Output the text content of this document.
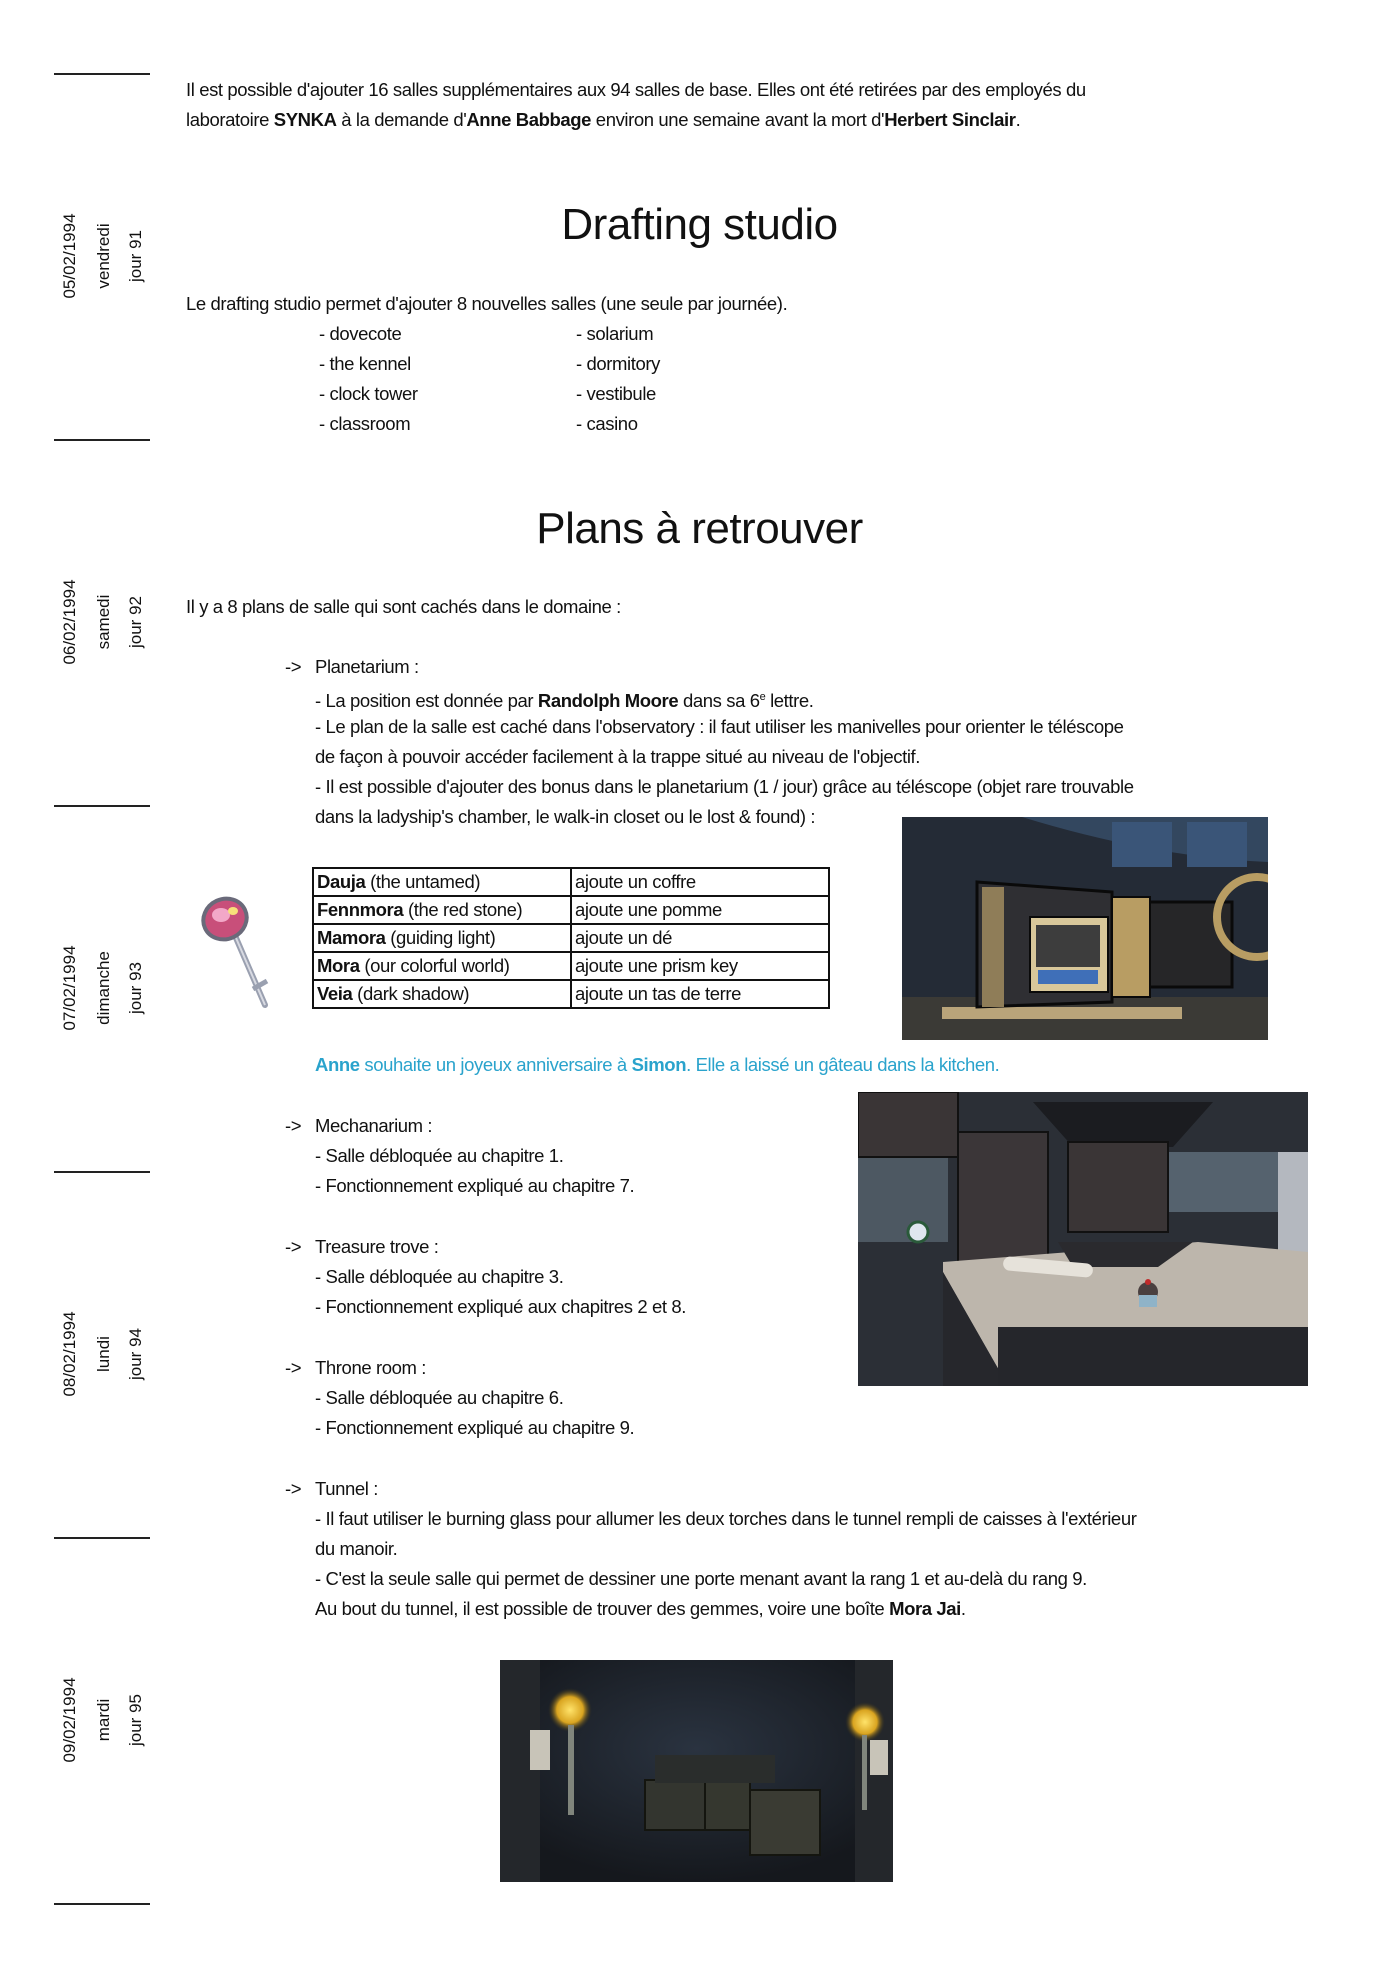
05/02/1994 vendredi jour 91
06/02/1994 samedi jour 92
07/02/1994 dimanche jour 93
08/02/1994 lundi jour 94
09/02/1994 mardi jour 95
Il est possible d'ajouter 16 salles supplémentaires aux 94 salles de base. Elles ont été retirées par des employés du
laboratoire SYNKA à la demande d'Anne Babbage environ une semaine avant la mort d'Herbert Sinclair.
Drafting studio
Le drafting studio permet d'ajouter 8 nouvelles salles (une seule par journée).
- dovecote
- the kennel
- clock tower
- classroom
- solarium
- dormitory
- vestibule
- casino
Plans à retrouver
Il y a 8 plans de salle qui sont cachés dans le domaine :
-> Planetarium :
- La position est donnée par Randolph Moore dans sa 6e lettre.
- Le plan de la salle est caché dans l'observatory : il faut utiliser les manivelles pour orienter le téléscope
de façon à pouvoir accéder facilement à la trappe situé au niveau de l'objectif.
- Il est possible d'ajouter des bonus dans le planetarium (1 / jour) grâce au téléscope (objet rare trouvable
dans la ladyship's chamber, le walk-in closet ou le lost & found) :
Dauja (the untamed)	ajoute un coffre
Fennmora (the red stone)	ajoute une pomme
Mamora (guiding light)	ajoute un dé
Mora (our colorful world)	ajoute une prism key
Veia (dark shadow)	ajoute un tas de terre
Anne souhaite un joyeux anniversaire à Simon. Elle a laissé un gâteau dans la kitchen.
-> Mechanarium :
- Salle débloquée au chapitre 1.
- Fonctionnement expliqué au chapitre 7.
-> Treasure trove :
- Salle débloquée au chapitre 3.
- Fonctionnement expliqué aux chapitres 2 et 8.
-> Throne room :
- Salle débloquée au chapitre 6.
- Fonctionnement expliqué au chapitre 9.
-> Tunnel :
- Il faut utiliser le burning glass pour allumer les deux torches dans le tunnel rempli de caisses à l'extérieur
du manoir.
- C'est la seule salle qui permet de dessiner une porte menant avant la rang 1 et au-delà du rang 9.
Au bout du tunnel, il est possible de trouver des gemmes, voire une boîte Mora Jai.
